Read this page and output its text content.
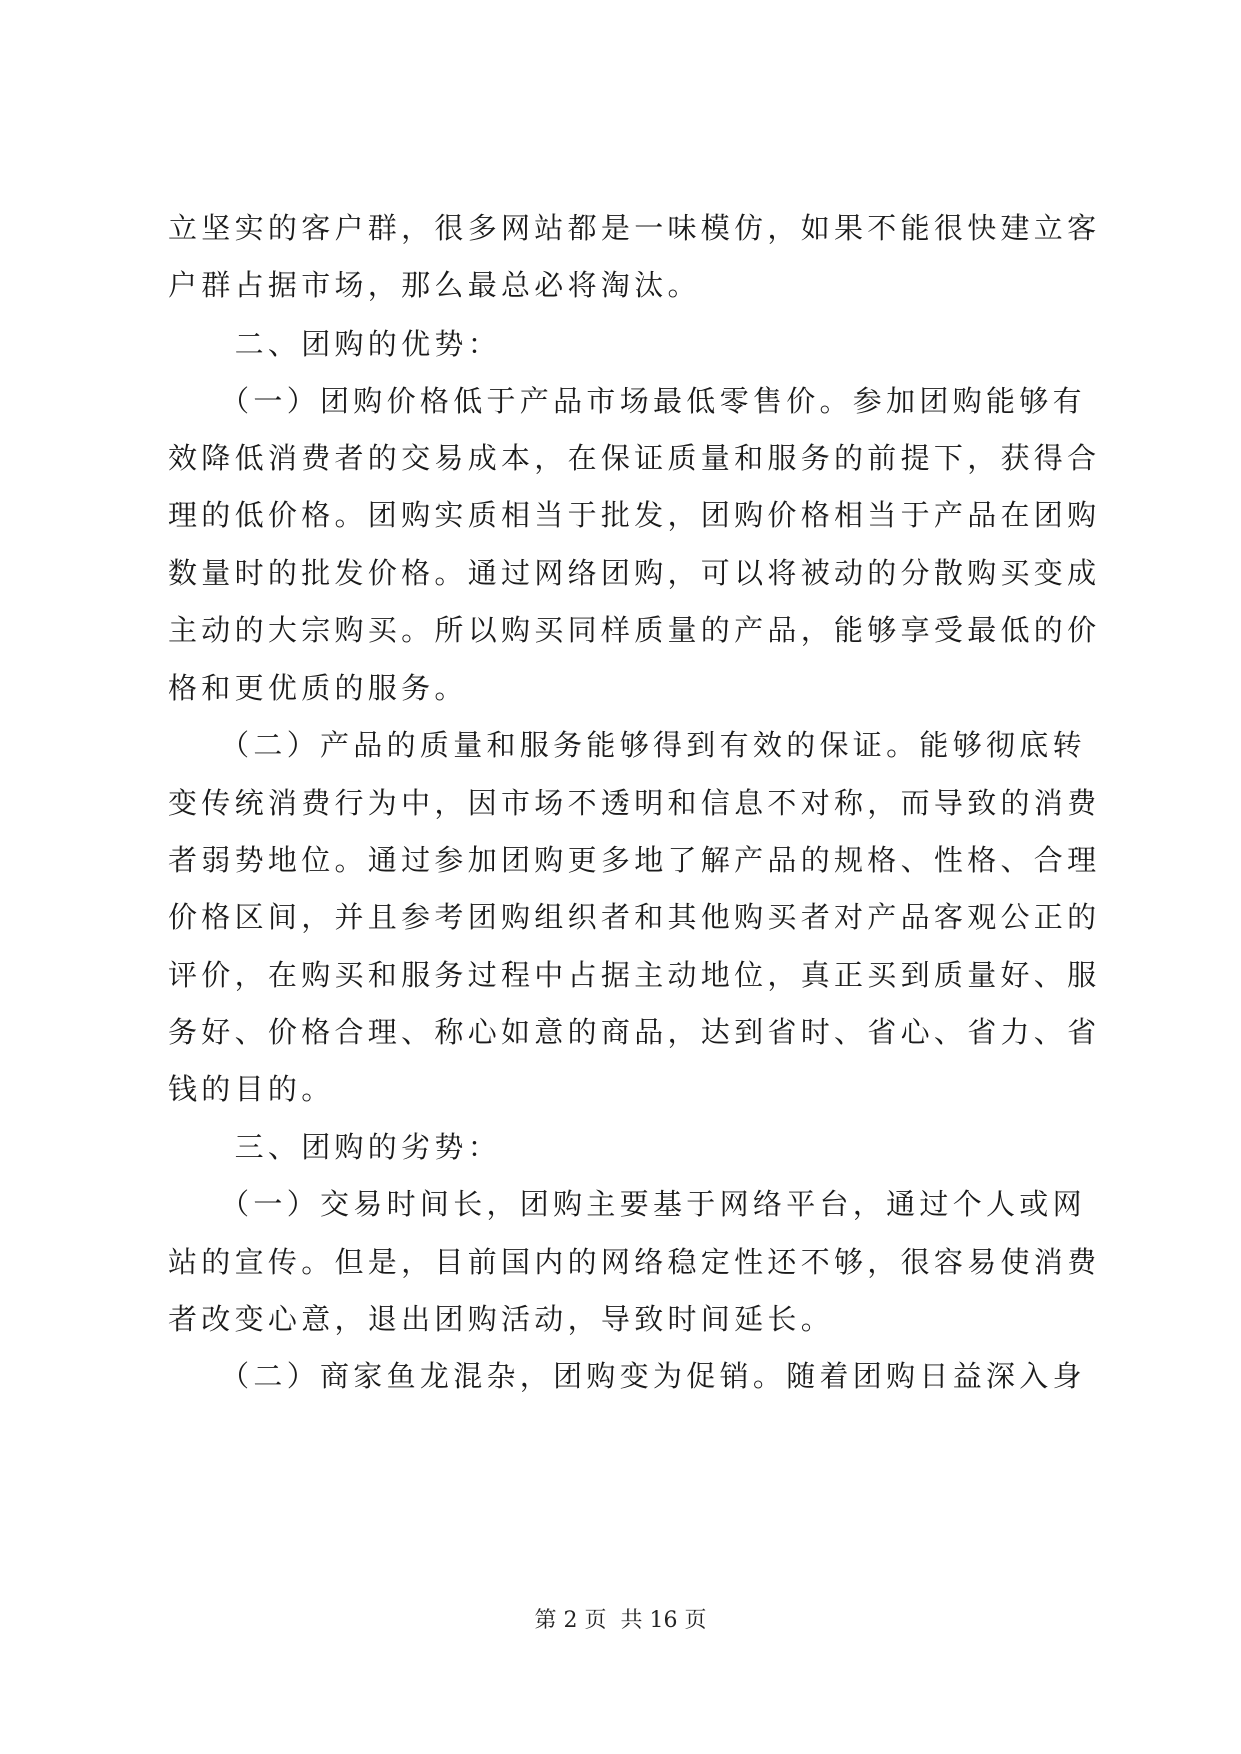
立坚实的客户群，很多网站都是一味模仿，如果不能很快建立客
户群占据市场，那么最总必将淘汰。
　　二、团购的优势：
　　（一）团购价格低于产品市场最低零售价。参加团购能够有
效降低消费者的交易成本，在保证质量和服务的前提下，获得合
理的低价格。团购实质相当于批发，团购价格相当于产品在团购
数量时的批发价格。通过网络团购，可以将被动的分散购买变成
主动的大宗购买。所以购买同样质量的产品，能够享受最低的价
格和更优质的服务。
　　（二）产品的质量和服务能够得到有效的保证。能够彻底转
变传统消费行为中，因市场不透明和信息不对称，而导致的消费
者弱势地位。通过参加团购更多地了解产品的规格、性格、合理
价格区间，并且参考团购组织者和其他购买者对产品客观公正的
评价，在购买和服务过程中占据主动地位，真正买到质量好、服
务好、价格合理、称心如意的商品，达到省时、省心、省力、省
钱的目的。
　　三、团购的劣势：
　　（一）交易时间长，团购主要基于网络平台，通过个人或网
站的宣传。但是，目前国内的网络稳定性还不够，很容易使消费
者改变心意，退出团购活动，导致时间延长。
　　（二）商家鱼龙混杂，团购变为促销。随着团购日益深入身
第 2 页  共 16 页
